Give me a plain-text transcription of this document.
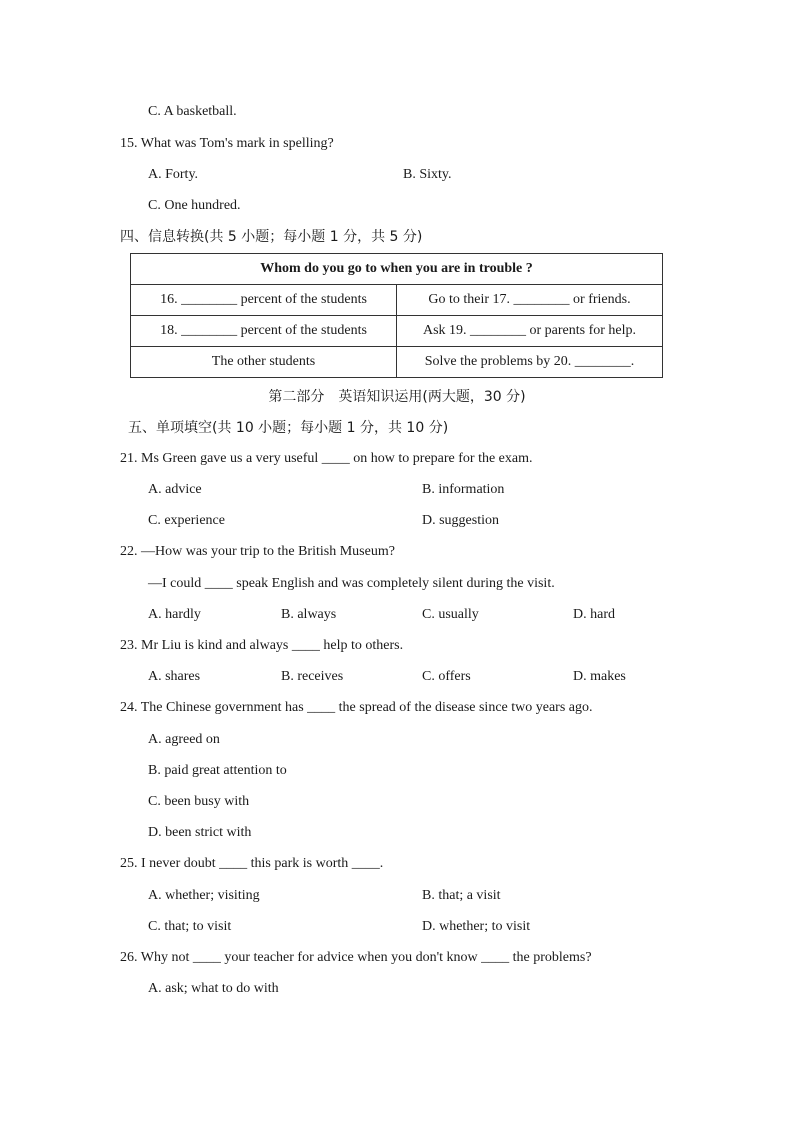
C. A basketball.
15. What was Tom's mark in spelling?
A. Forty.	B. Sixty.
C. One hundred.
四、信息转换(共 5 小题；每小题 1 分，共 5 分)
Whom do you go to when you are in trouble ?	
16. ________ percent of the students	Go to their 17. ________ or friends.
18. ________ percent of the students	Ask 19. ________ or parents for help.
The other students	Solve the problems by 20. ________.
第二部分　英语知识运用(两大题，30 分)
五、单项填空(共 10 小题；每小题 1 分，共 10 分)
21. Ms Green gave us a very useful ____ on how to prepare for the exam.
A. advice	B. information
C. experience	D. suggestion
22. —How was your trip to the British Museum?
—I could ____ speak English and was completely silent during the visit.
A. hardly	B. always	C. usually	D. hard
23. Mr Liu is kind and always ____ help to others.
A. shares	B. receives	C. offers	D. makes
24. The Chinese government has ____ the spread of the disease since two years ago.
A. agreed on
B. paid great attention to
C. been busy with
D. been strict with
25. I never doubt ____ this park is worth ____.
A. whether; visiting	B. that; a visit
C. that; to visit	D. whether; to visit
26. Why not ____ your teacher for advice when you don't know ____ the problems?
A. ask; what to do with
